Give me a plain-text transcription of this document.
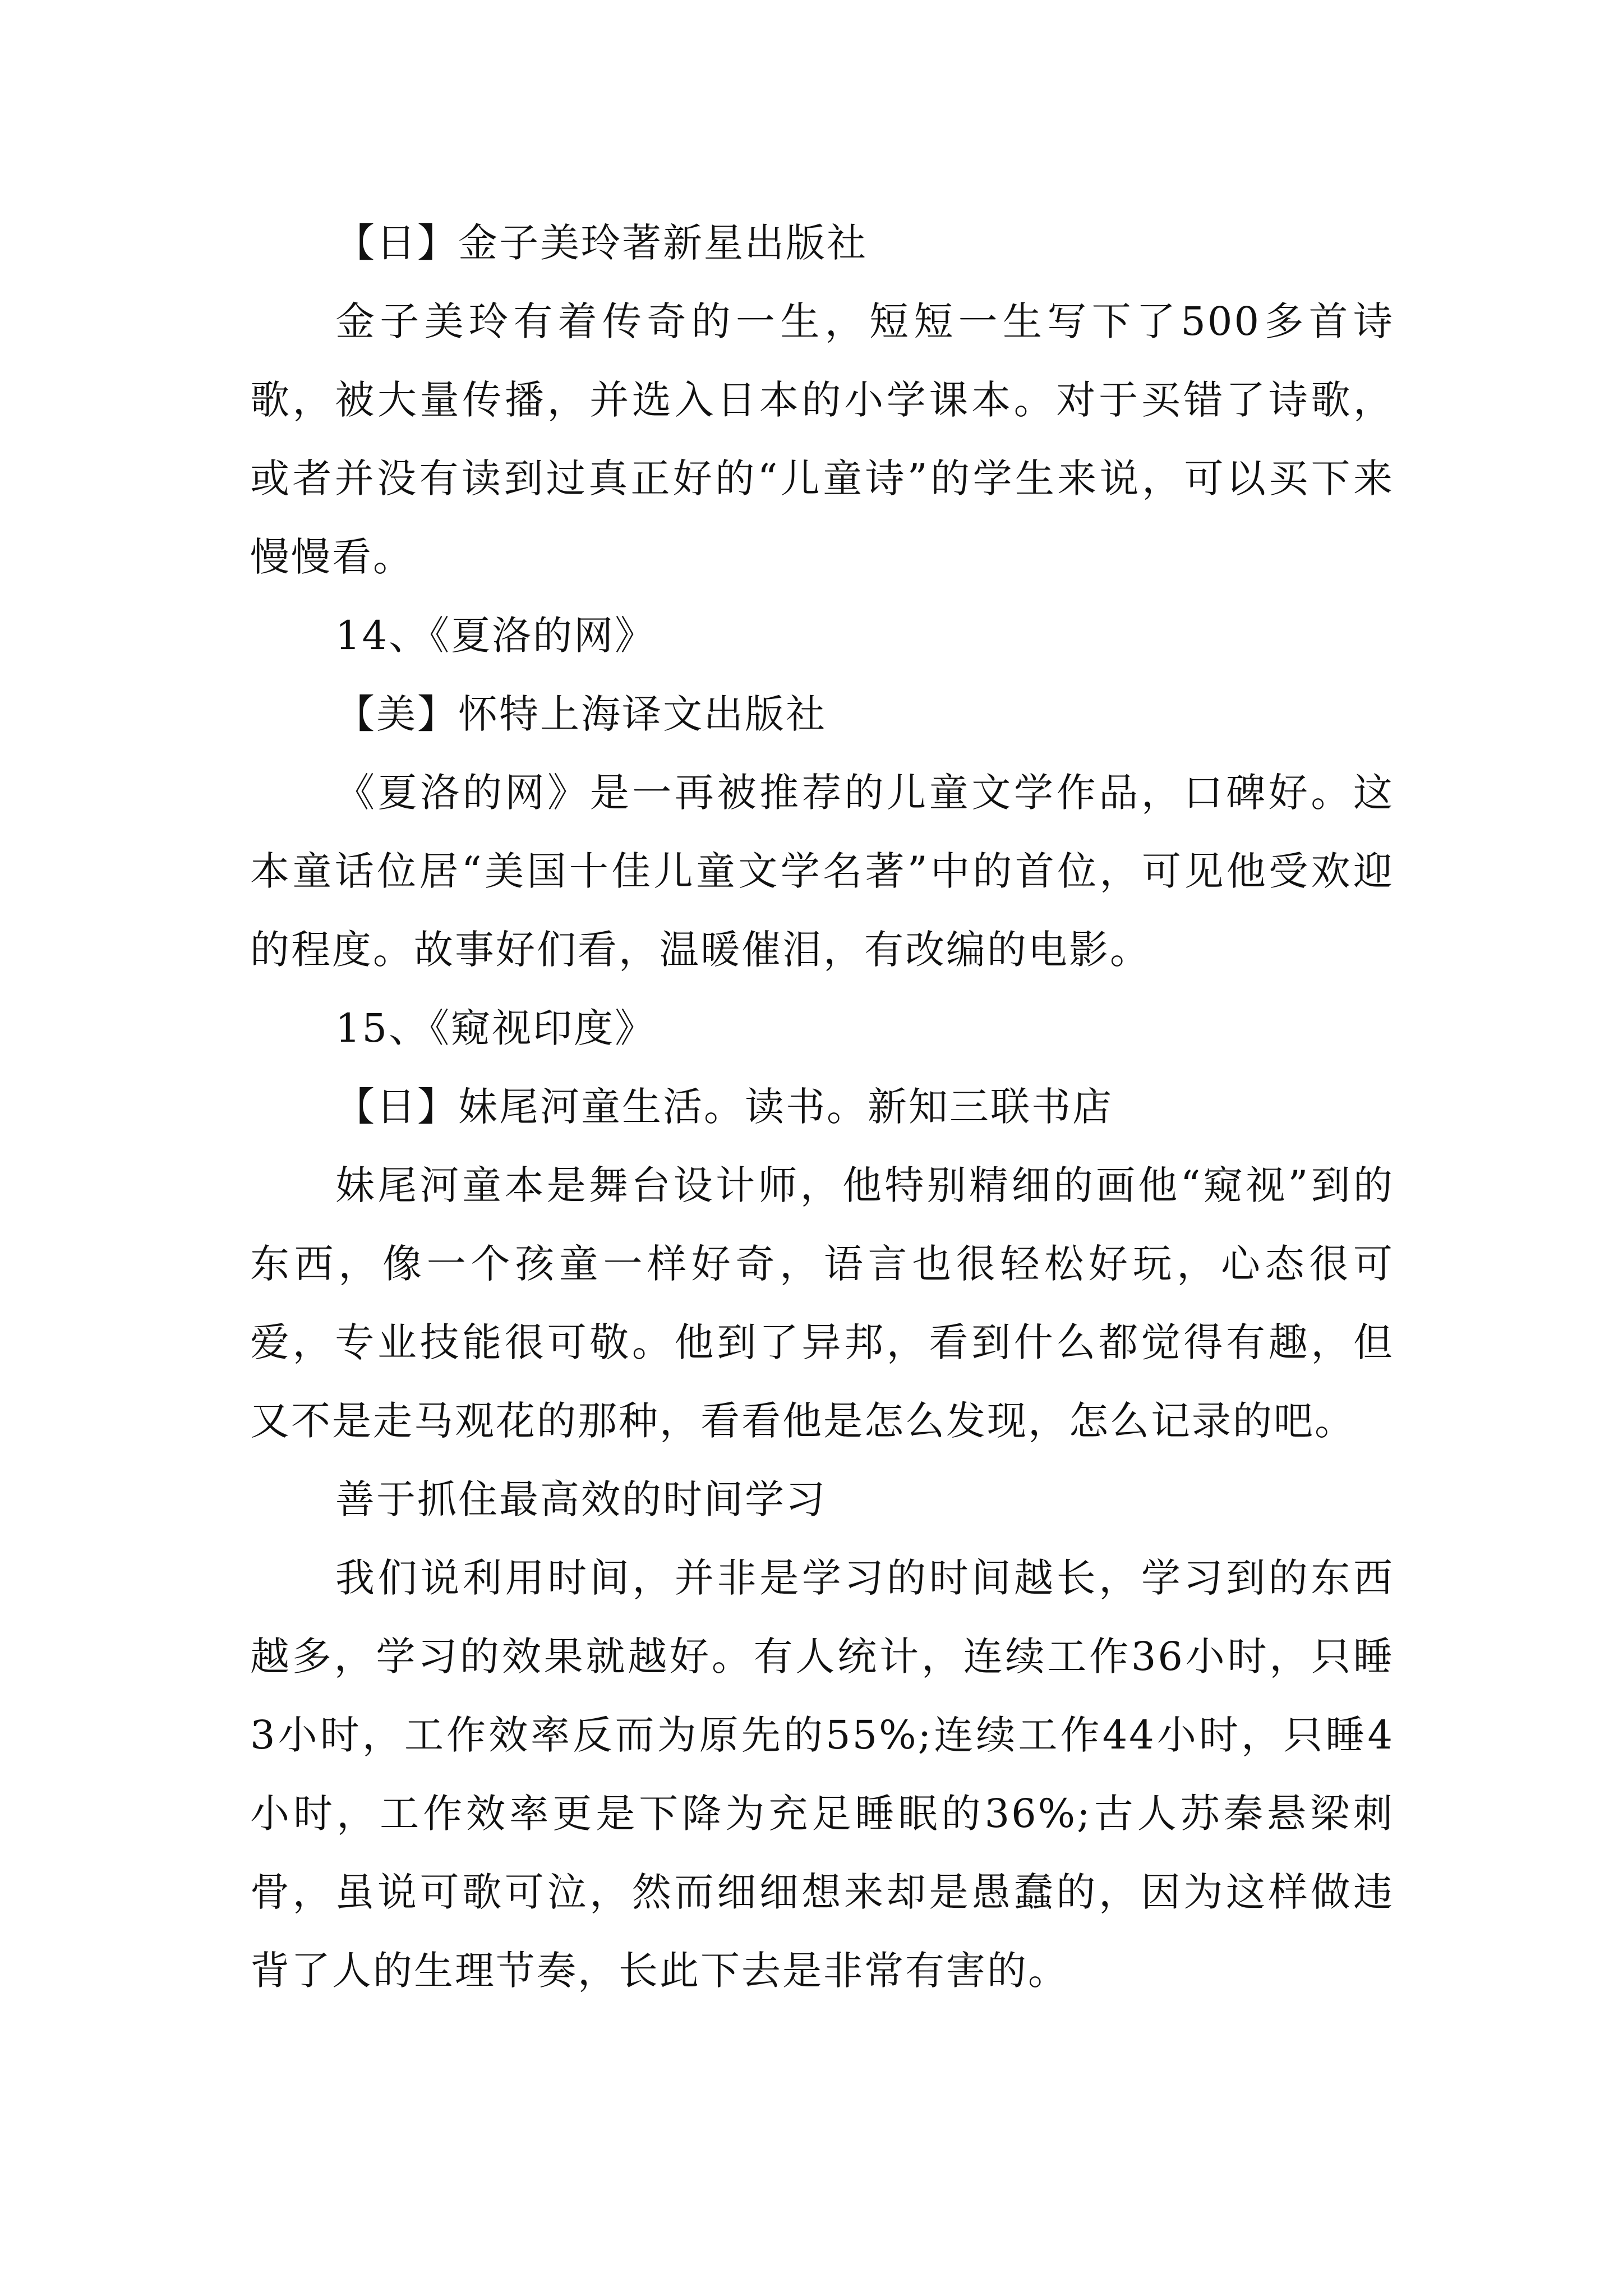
【日】金子美玲著新星出版社

金子美玲有着传奇的一生，短短一生写下了500多首诗歌，被大量传播，并选入日本的小学课本。对于买错了诗歌，或者并没有读到过真正好的“儿童诗”的学生来说，可以买下来慢慢看。

14、《夏洛的网》

【美】怀特上海译文出版社

《夏洛的网》是一再被推荐的儿童文学作品，口碑好。这本童话位居“美国十佳儿童文学名著”中的首位，可见他受欢迎的程度。故事好们看，温暖催泪，有改编的电影。

15、《窥视印度》

【日】妹尾河童生活。读书。新知三联书店

妹尾河童本是舞台设计师，他特别精细的画他“窥视”到的东西，像一个孩童一样好奇，语言也很轻松好玩，心态很可爱，专业技能很可敬。他到了异邦，看到什么都觉得有趣，但又不是走马观花的那种，看看他是怎么发现，怎么记录的吧。

善于抓住最高效的时间学习

我们说利用时间，并非是学习的时间越长，学习到的东西越多，学习的效果就越好。有人统计，连续工作36小时，只睡3小时，工作效率反而为原先的55%;连续工作44小时，只睡4小时，工作效率更是下降为充足睡眠的36%;古人苏秦悬梁刺骨，虽说可歌可泣，然而细细想来却是愚蠢的，因为这样做违背了人的生理节奏，长此下去是非常有害的。
